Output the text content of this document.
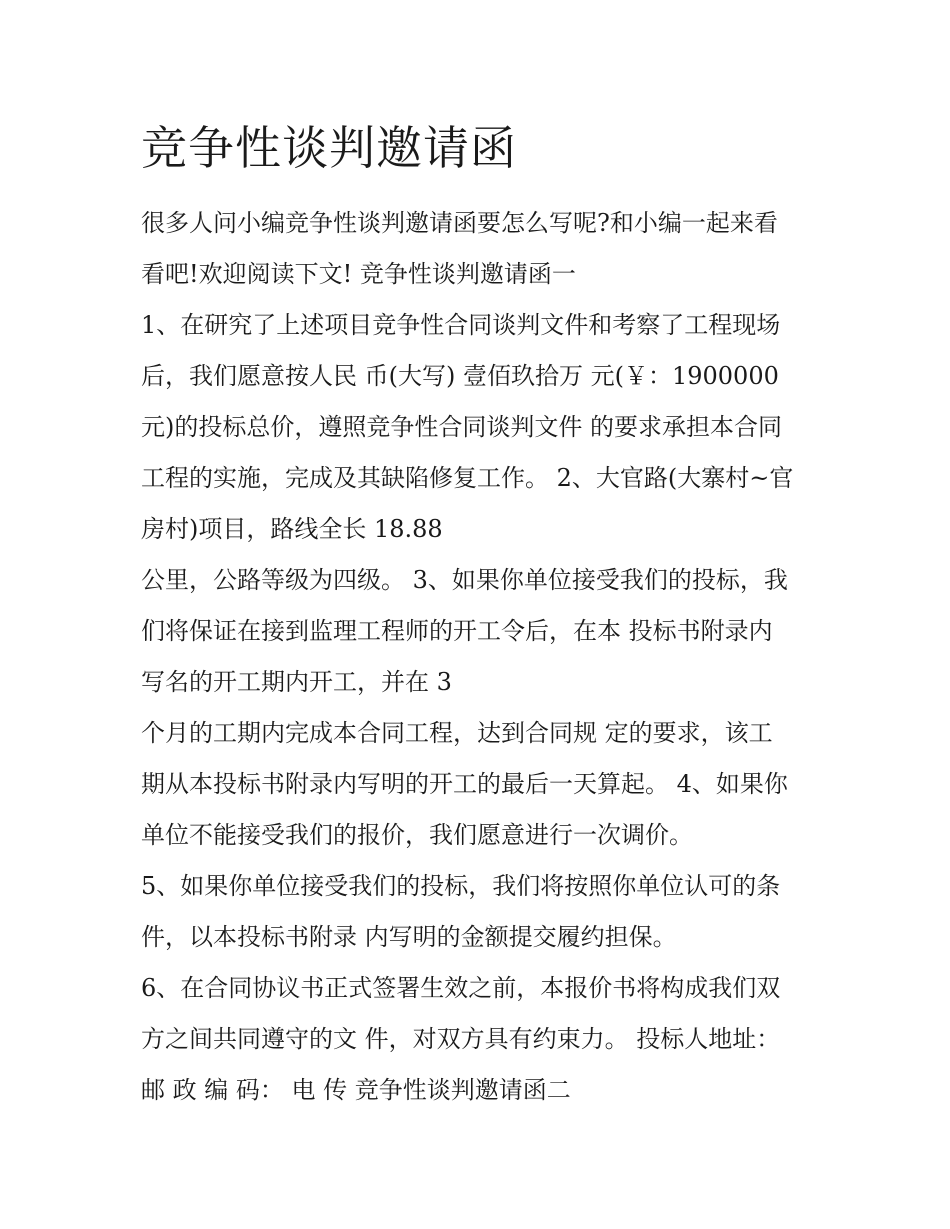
竞争性谈判邀请函
很多人问小编竞争性谈判邀请函要怎么写呢?和小编一起来看
看吧!欢迎阅读下文! 竞争性谈判邀请函一
1、在研究了上述项目竞争性合同谈判文件和考察了工程现场
后，我们愿意按人民 币(大写) 壹佰玖拾万 元(￥：1900000
元)的投标总价，遵照竞争性合同谈判文件 的要求承担本合同
工程的实施，完成及其缺陷修复工作。 2、大官路(大寨村~官
房村)项目，路线全长 18.88
公里，公路等级为四级。 3、如果你单位接受我们的投标，我
们将保证在接到监理工程师的开工令后，在本 投标书附录内
写名的开工期内开工，并在 3
个月的工期内完成本合同工程，达到合同规 定的要求，该工
期从本投标书附录内写明的开工的最后一天算起。 4、如果你
单位不能接受我们的报价，我们愿意进行一次调价。
5、如果你单位接受我们的投标，我们将按照你单位认可的条
件，以本投标书附录 内写明的金额提交履约担保。
6、在合同协议书正式签署生效之前，本报价书将构成我们双
方之间共同遵守的文 件，对双方具有约束力。 投标人地址：
邮 政 编 码： 电 传 竞争性谈判邀请函二
